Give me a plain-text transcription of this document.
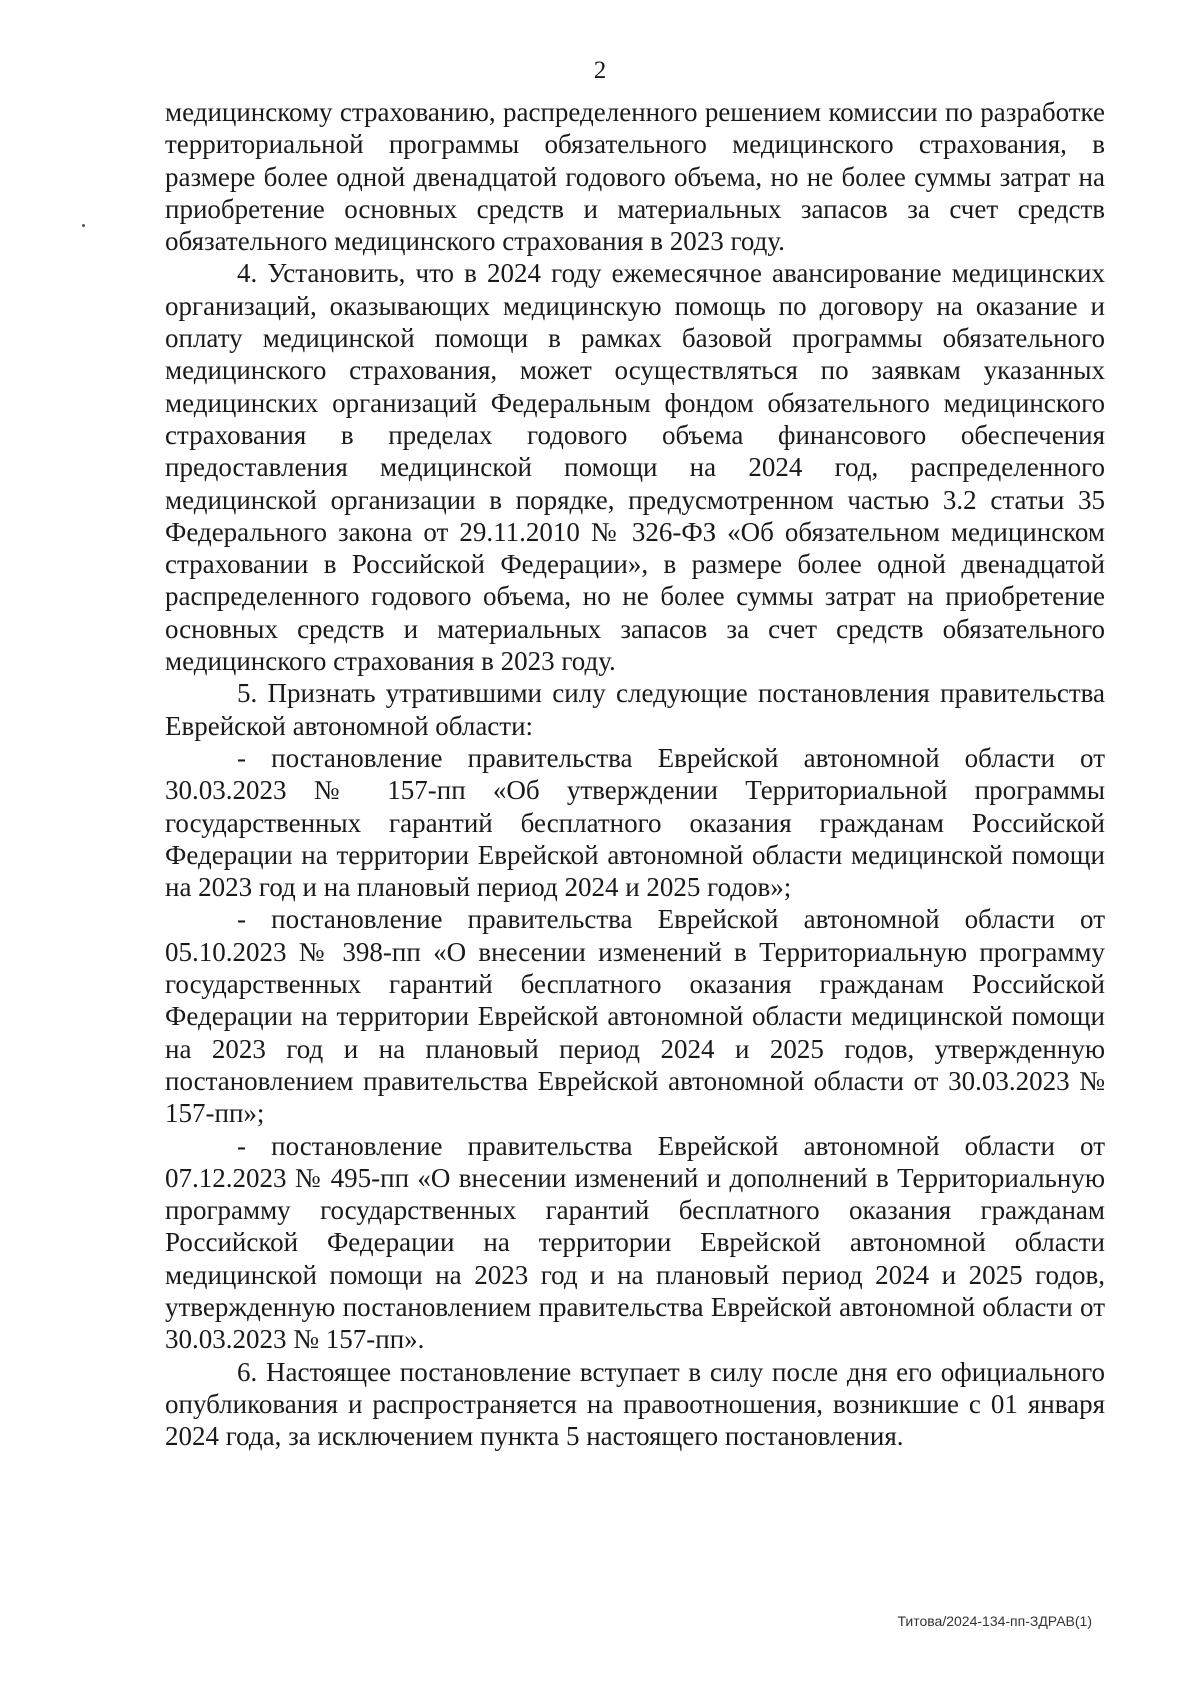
2

медицинскому страхованию, распределенного решением комиссии по разработке территориальной программы обязательного медицинского страхования, в размере более одной двенадцатой годового объема, но не более суммы затрат на приобретение основных средств и материальных запасов за счет средств обязательного медицинского страхования в 2023 году.

4. Установить, что в 2024 году ежемесячное авансирование медицинских организаций, оказывающих медицинскую помощь по договору на оказание и оплату медицинской помощи в рамках базовой программы обязательного медицинского страхования, может осуществляться по заявкам указанных медицинских организаций Федеральным фондом обязательного медицинского страхования в пределах годового объема финансового обеспечения предоставления медицинской помощи на 2024 год, распределенного медицинской организации в порядке, предусмотренном частью 3.2 статьи 35 Федерального закона от 29.11.2010 № 326-ФЗ «Об обязательном медицинском страховании в Российской Федерации», в размере более одной двенадцатой распределенного годового объема, но не более суммы затрат на приобретение основных средств и материальных запасов за счет средств обязательного медицинского страхования в 2023 году.

5. Признать утратившими силу следующие постановления правительства Еврейской автономной области:

- постановление правительства Еврейской автономной области от 30.03.2023 № 157-пп «Об утверждении Территориальной программы государственных гарантий бесплатного оказания гражданам Российской Федерации на территории Еврейской автономной области медицинской помощи на 2023 год и на плановый период 2024 и 2025 годов»;

- постановление правительства Еврейской автономной области от 05.10.2023 № 398-пп «О внесении изменений в Территориальную программу государственных гарантий бесплатного оказания гражданам Российской Федерации на территории Еврейской автономной области медицинской помощи на 2023 год и на плановый период 2024 и 2025 годов, утвержденную постановлением правительства Еврейской автономной области от 30.03.2023 № 157-пп»;

- постановление правительства Еврейской автономной области от 07.12.2023 № 495-пп «О внесении изменений и дополнений в Территориальную программу государственных гарантий бесплатного оказания гражданам Российской Федерации на территории Еврейской автономной области медицинской помощи на 2023 год и на плановый период 2024 и 2025 годов, утвержденную постановлением правительства Еврейской автономной области от 30.03.2023 № 157-пп».

6. Настоящее постановление вступает в силу после дня его официального опубликования и распространяется на правоотношения, возникшие с 01 января 2024 года, за исключением пункта 5 настоящего постановления.

Титова/2024-134-пп-ЗДРАВ(1)
